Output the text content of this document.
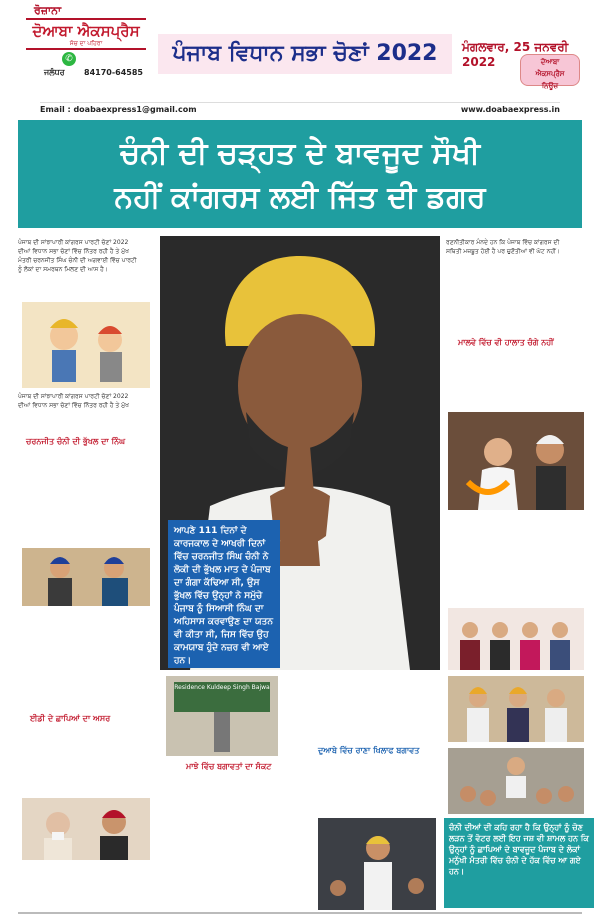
ਰੋਜ਼ਾਨਾ
ਦੋਆਬਾ ਐਕਸਪ੍ਰੈਸ
ਸੱਚ ਦਾ ਪਹਿਰਾ
✆
ਜਲੰਧਰ 84170-64585
ਪੰਜਾਬ ਵਿਧਾਨ ਸਭਾ ਚੋਣਾਂ 2022	ਮੰਗਲਵਾਰ, 25 ਜਨਵਰੀ 2022	ਦੋਆਬਾ
ਐਕਸਪ੍ਰੈਸ
ਨਿਊਜ਼
Email : doabaexpress1@gmail.com	www.doabaexpress.in
ਚੰਨੀ ਦੀ ਚੜ੍ਹਤ ਦੇ ਬਾਵਜੂਦ ਸੌਖੀ
ਨਹੀਂ ਕਾਂਗਰਸ ਲਈ ਜਿੱਤ ਦੀ ਡਗਰ
ਪੰਜਾਬ ਦੀ ਸਾਂਝਾਪਾਰੀ ਕਾਂਗਰਸ ਪਾਰਟੀ ਚੋਣਾਂ 2022
ਦੀਆਂ ਵਿਧਾਨ ਸਭਾ ਚੋਣਾਂ ਵਿੱਚ ਨਿੱਤਰ ਰਹੀ ਹੈ ਤੇ ਮੁੱਖ
ਮੰਤਰੀ ਚਰਨਜੀਤ ਸਿੰਘ ਚੰਨੀ ਦੀ ਅਗਵਾਈ ਵਿੱਚ ਪਾਰਟੀ
ਨੂੰ ਲੋਕਾਂ ਦਾ ਸਮਰਥਨ ਮਿਲਣ ਦੀ ਆਸ ਹੈ।
ਪੰਜਾਬ ਦੀ ਸਾਂਝਾਪਾਰੀ ਕਾਂਗਰਸ ਪਾਰਟੀ ਚੋਣਾਂ 2022
ਦੀਆਂ ਵਿਧਾਨ ਸਭਾ ਚੋਣਾਂ ਵਿੱਚ ਨਿੱਤਰ ਰਹੀ ਹੈ ਤੇ ਮੁੱਖ
ਚਰਨਜੀਤ ਚੰਨੀ ਦੀ ਭੁੱਖਲ ਦਾ ਨਿੰਘ
ਈਡੀ ਦੇ ਛਾਪਿਆਂ ਦਾ ਅਸਰ
ਆਪਣੇ 111 ਦਿਨਾਂ ਦੇ ਕਾਰਜਕਾਲ ਦੇ ਆਖਰੀ ਦਿਨਾਂ ਵਿੱਚ ਚਰਨਜੀਤ ਸਿੰਘ ਚੰਨੀ ਨੇ ਲੋਕੀ ਦੀ ਭੁੱਖਲ ਮਾਤ ਦੇ ਪੰਜਾਬ ਦਾ ਗੰਗਾ ਕੱਢਿਆ ਸੀ, ਉਸ ਭੁੱਖਲ ਵਿੱਚ ਉਨ੍ਹਾਂ ਨੇ ਸਮੁੱਚੇ ਪੰਜਾਬ ਨੂੰ ਸਿਆਸੀ ਨਿੰਘ ਦਾ ਅਹਿਸਾਸ ਕਰਵਾਉਣ ਦਾ ਯਤਨ ਵੀ ਕੀਤਾ ਸੀ, ਜਿਸ ਵਿੱਚ ਉਹ ਕਾਮਯਾਬ ਹੁੰਦੇ ਨਜ਼ਰ ਵੀ ਆਏ ਹਨ।
ਰਣਨੀਤੀਕਾਰ ਮੰਨਦੇ ਹਨ ਕਿ ਪੰਜਾਬ ਵਿੱਚ ਕਾਂਗਰਸ ਦੀ
ਸਥਿਤੀ ਮਜ਼ਬੂਤ ਹੋਈ ਹੈ ਪਰ ਚੁਣੌਤੀਆਂ ਵੀ ਘੱਟ ਨਹੀਂ।
ਮਾਲਵੇ ਵਿੱਚ ਵੀ ਹਾਲਾਤ ਚੰਗੇ ਨਹੀਂ
ਚੰਨੀ ਦੀਆਂ ਦੀ ਕਹਿ ਰਹਾ ਹੈ ਕਿ ਉਨ੍ਹਾਂ ਨੂੰ ਚੋਣ ਲੜਨ ਤੋਂ ਵੋਟਰ ਲਈ ਇਹ ਜਸ਼ ਵੀ ਸ਼ਾਮਲ ਹਨ ਕਿ ਉਨ੍ਹਾਂ ਨੂੰ ਛਾਪਿਆਂ ਦੇ ਬਾਵਜੂਦ ਪੰਜਾਬ ਦੇ ਲੋਕਾਂ ਮਨੁੱਖੀ ਮੰਤਰੀ ਵਿੱਚ ਚੰਨੀ ਦੇ ਹੱਕ ਵਿੱਚ ਆ ਗਏ ਹਨ।
Residence Kuldeep Singh Bajwa
ਮਾਝੇ ਵਿੱਚ ਬਗਾਵਤਾਂ ਦਾ ਸੰਕਟ
ਦੁਆਬੇ ਵਿੱਚ ਰਾਣਾ ਖਿਲਾਫ ਬਗਾਵਤ
